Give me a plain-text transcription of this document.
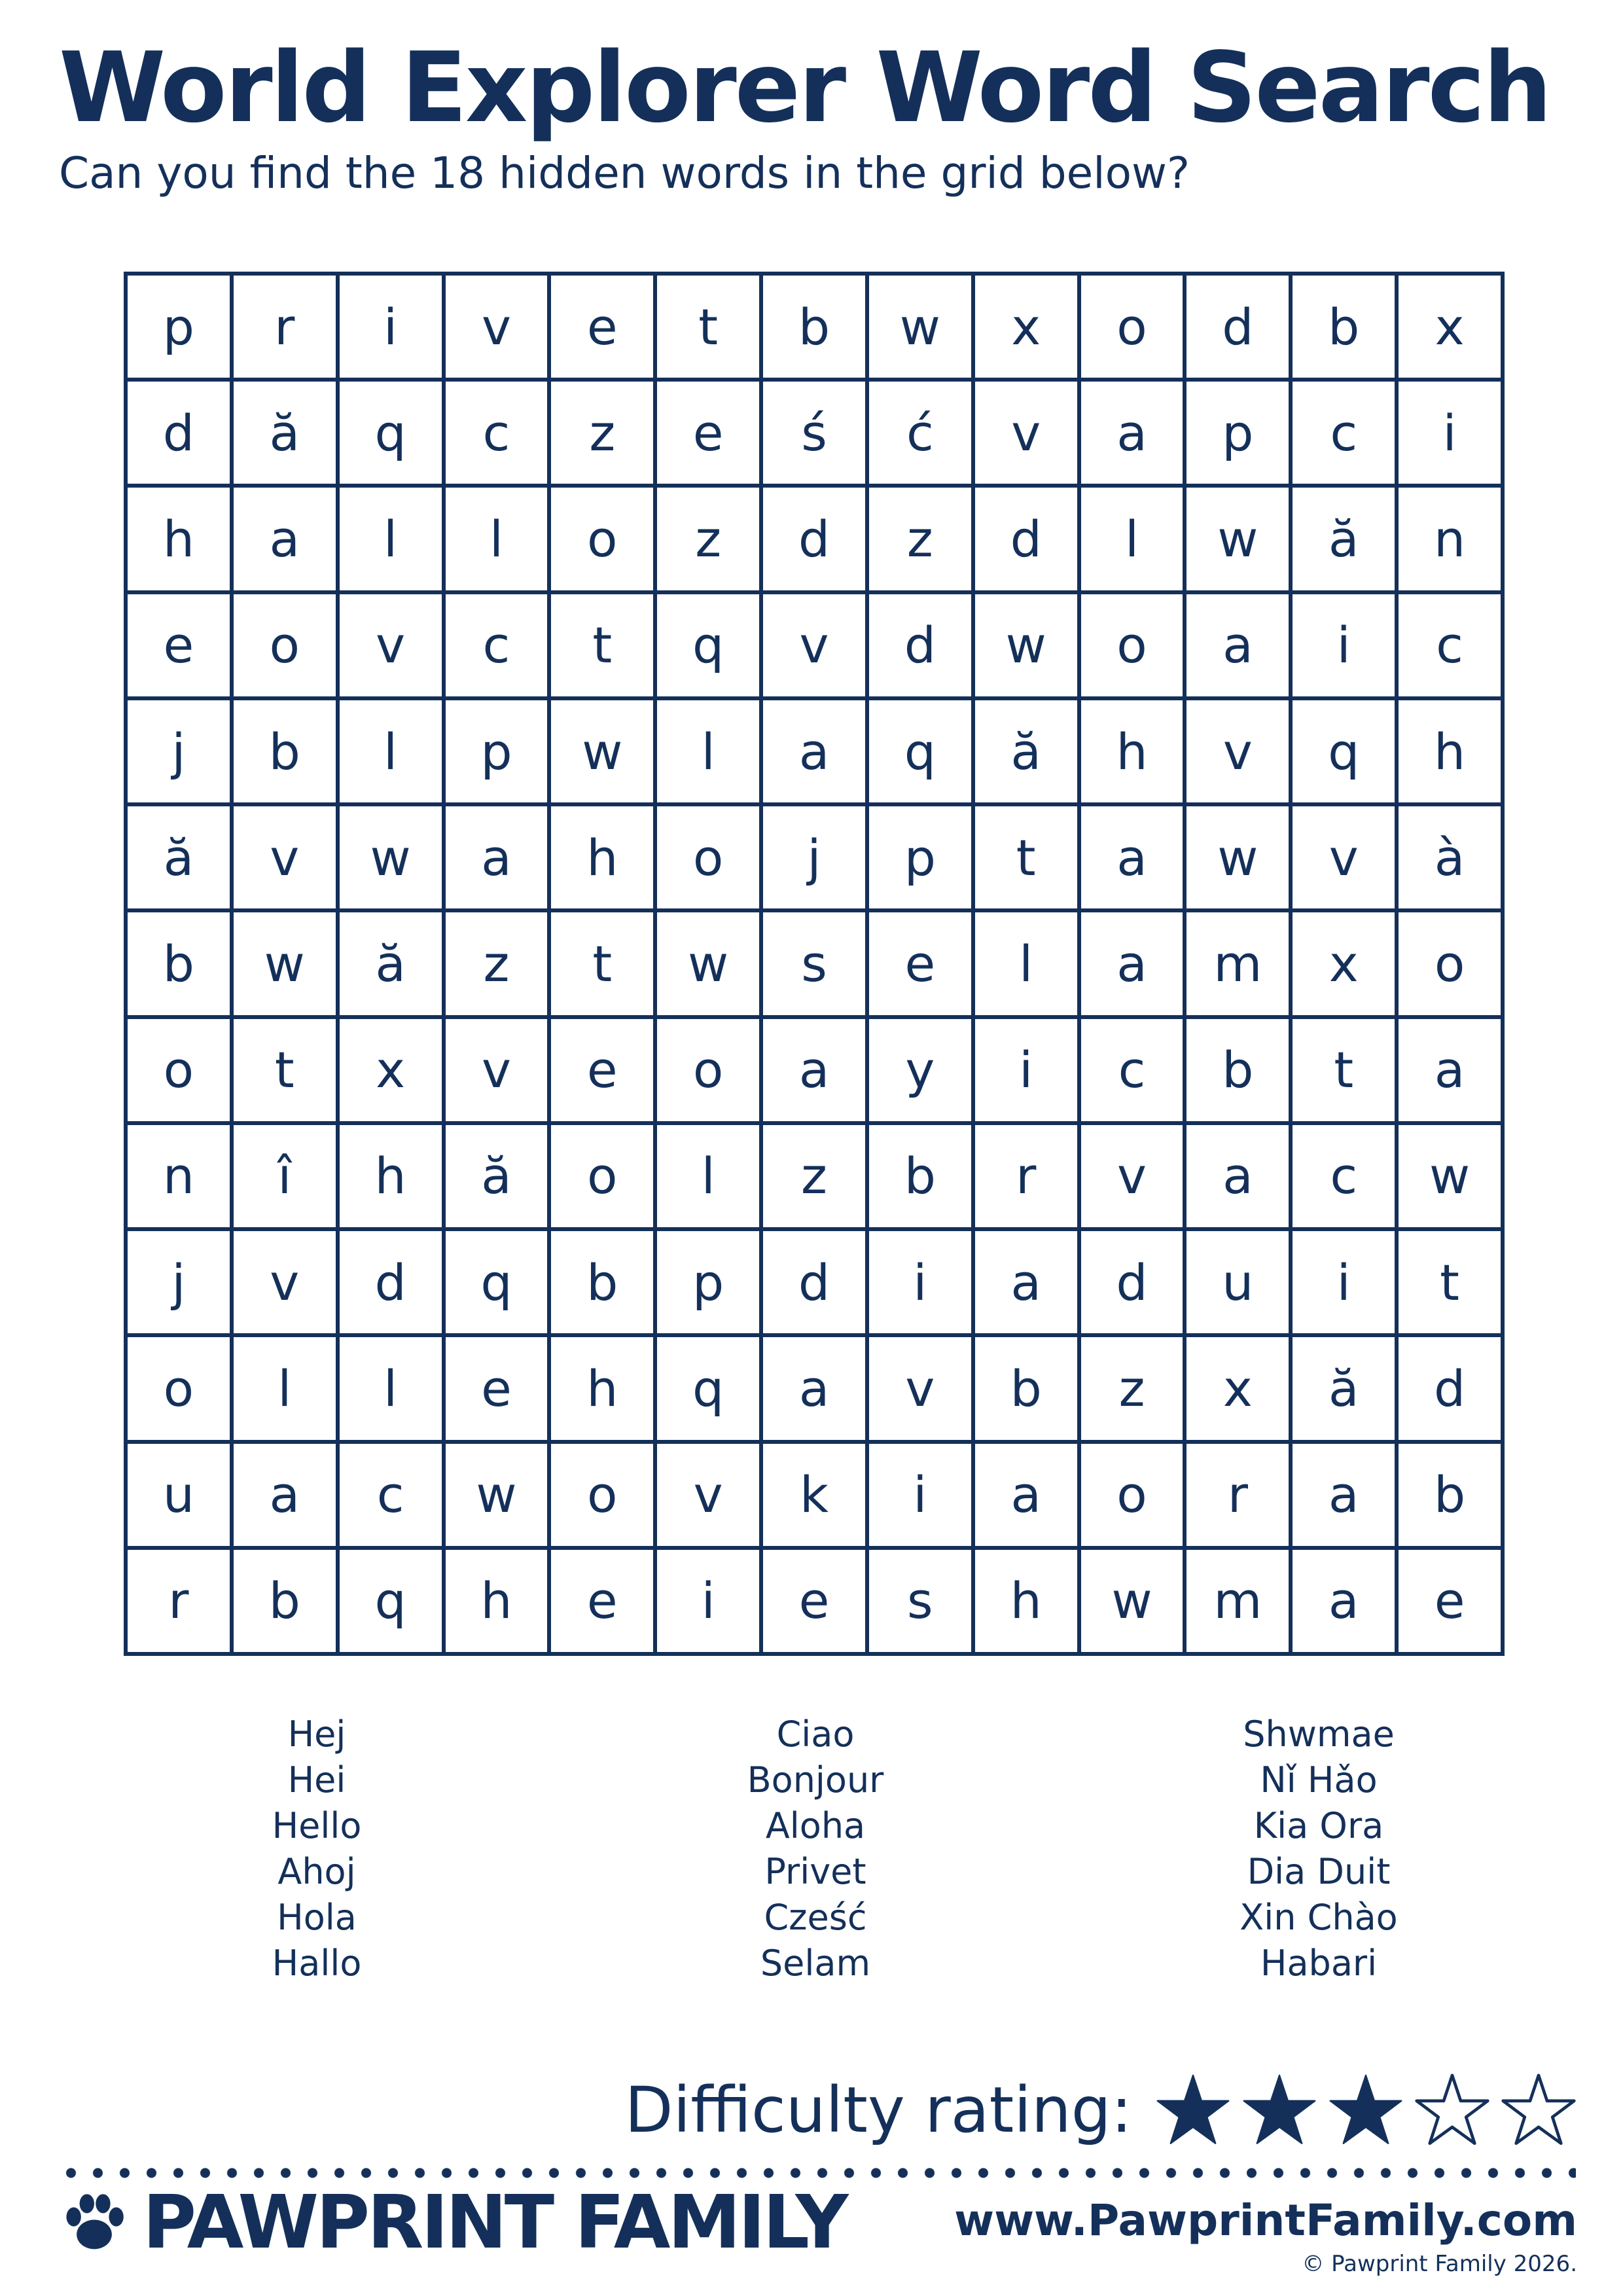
World Explorer Word Search
Can you find the 18 hidden words in the grid below?
p	r	i	v	e	t	b	w	x	o	d	b	x
d	ă	q	c	z	e	ś	ć	v	a	p	c	i
h	a	l	l	o	z	d	z	d	l	w	ă	n
e	o	v	c	t	q	v	d	w	o	a	i	c
j	b	l	p	w	l	a	q	ă	h	v	q	h
ă	v	w	a	h	o	j	p	t	a	w	v	à
b	w	ă	z	t	w	s	e	l	a	m	x	o
o	t	x	v	e	o	a	y	i	c	b	t	a
n	î	h	ă	o	l	z	b	r	v	a	c	w
j	v	d	q	b	p	d	i	a	d	u	i	t
o	l	l	e	h	q	a	v	b	z	x	ă	d
u	a	c	w	o	v	k	i	a	o	r	a	b
r	b	q	h	e	i	e	s	h	w	m	a	e
Hej
Hei
Hello
Ahoj
Hola
Hallo
Ciao
Bonjour
Aloha
Privet
Cześć
Selam
Shwmae
Nǐ Hǎo
Kia Ora
Dia Duit
Xin Chào
Habari
Difficulty rating:
PAWPRINT FAMILY	www.PawprintFamily.com
© Pawprint Family 2026.
